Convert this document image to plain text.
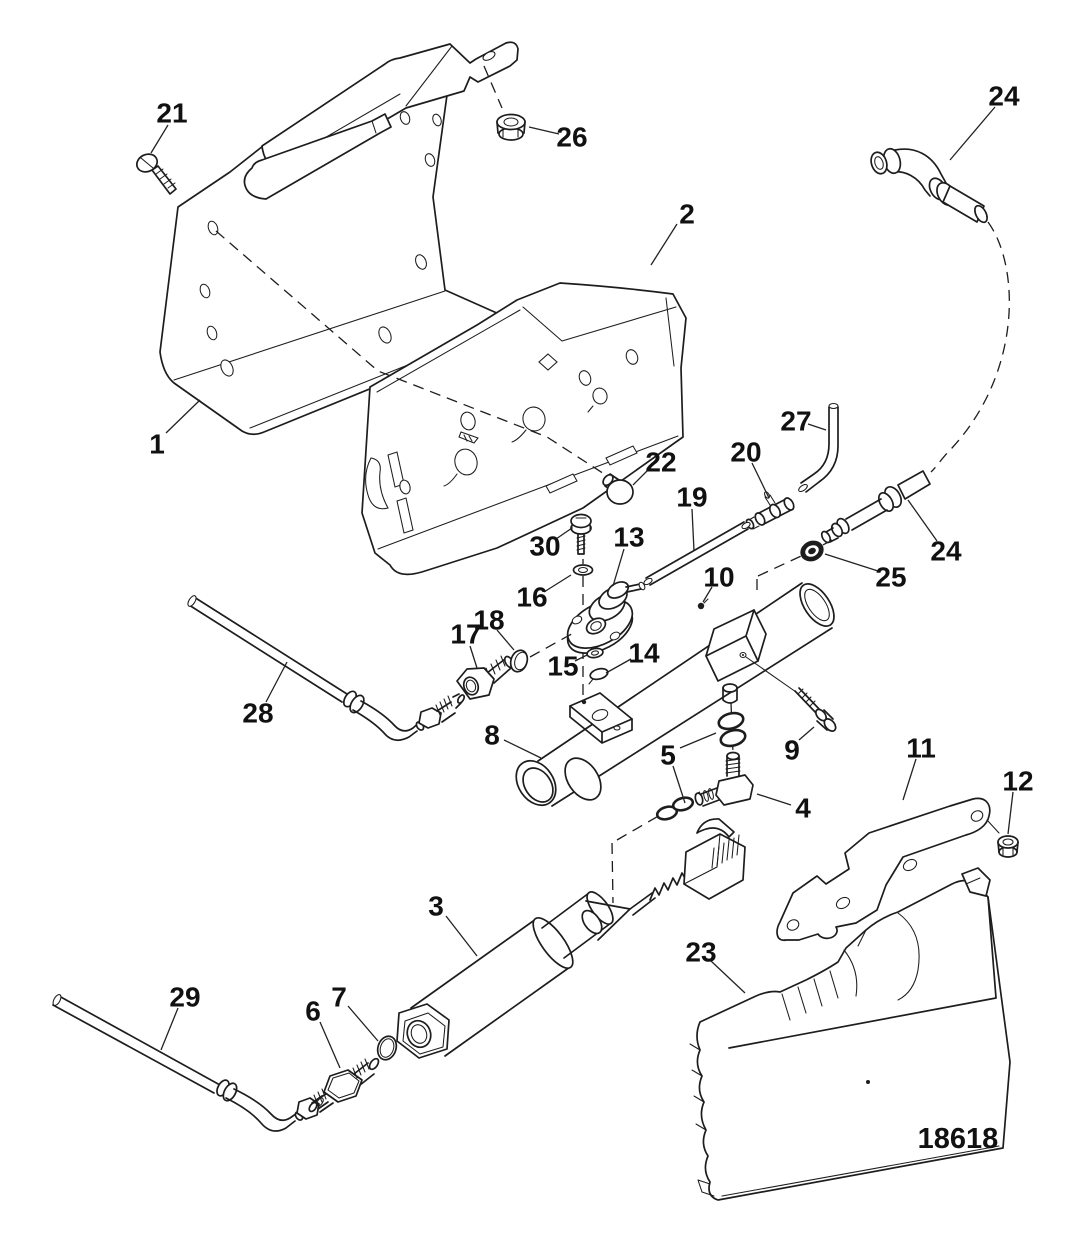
1
2
3
4
5
6 7
8	9
10
11
12
13
14
15
16
17
18
19
20
21
22
23
24
24
25
26
27
28
29
30
18618
